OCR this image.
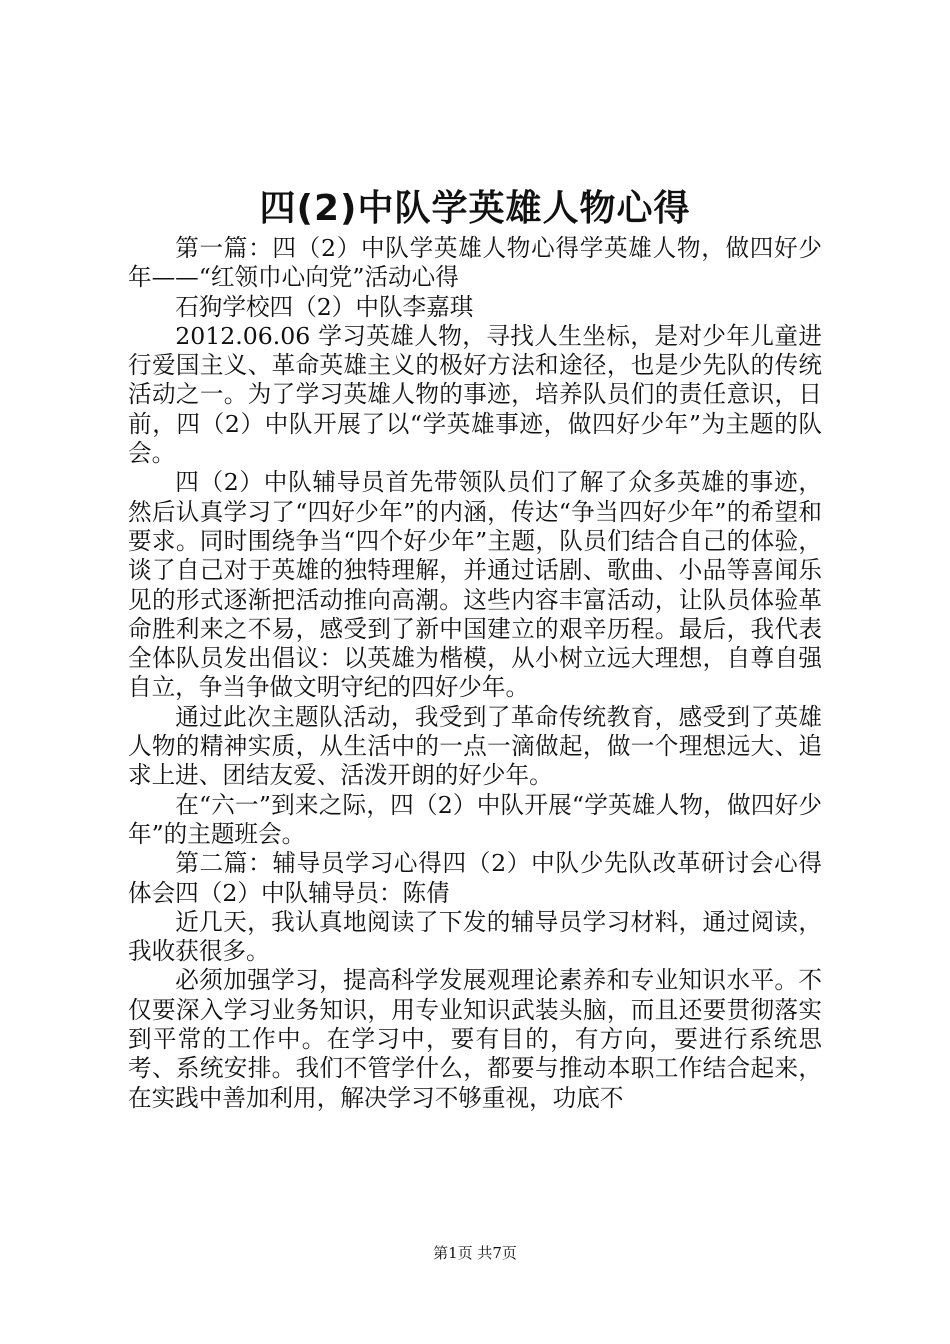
四(2)中队学英雄人物心得

第一篇：四（2）中队学英雄人物心得学英雄人物，做四好少年——“红领巾心向党”活动心得

石狗学校四（2）中队李嘉琪

2012.06.06 学习英雄人物，寻找人生坐标，是对少年儿童进行爱国主义、革命英雄主义的极好方法和途径，也是少先队的传统活动之一。为了学习英雄人物的事迹，培养队员们的责任意识，日前，四（2）中队开展了以“学英雄事迹，做四好少年”为主题的队会。

四（2）中队辅导员首先带领队员们了解了众多英雄的事迹，然后认真学习了“四好少年”的内涵，传达“争当四好少年”的希望和要求。同时围绕争当“四个好少年”主题，队员们结合自己的体验，谈了自己对于英雄的独特理解，并通过话剧、歌曲、小品等喜闻乐见的形式逐渐把活动推向高潮。这些内容丰富活动，让队员体验革命胜利来之不易，感受到了新中国建立的艰辛历程。最后，我代表全体队员发出倡议：以英雄为楷模，从小树立远大理想，自尊自强自立，争当争做文明守纪的四好少年。

通过此次主题队活动，我受到了革命传统教育，感受到了英雄人物的精神实质，从生活中的一点一滴做起，做一个理想远大、追求上进、团结友爱、活泼开朗的好少年。

在“六一”到来之际，四（2）中队开展“学英雄人物，做四好少年”的主题班会。

第二篇：辅导员学习心得四（2）中队少先队改革研讨会心得体会四（2）中队辅导员：陈倩

近几天，我认真地阅读了下发的辅导员学习材料，通过阅读，我收获很多。

必须加强学习，提高科学发展观理论素养和专业知识水平。不仅要深入学习业务知识，用专业知识武装头脑，而且还要贯彻落实到平常的工作中。在学习中，要有目的，有方向，要进行系统思考、系统安排。我们不管学什么，都要与推动本职工作结合起来，在实践中善加利用，解决学习不够重视，功底不

第1页 共7页
